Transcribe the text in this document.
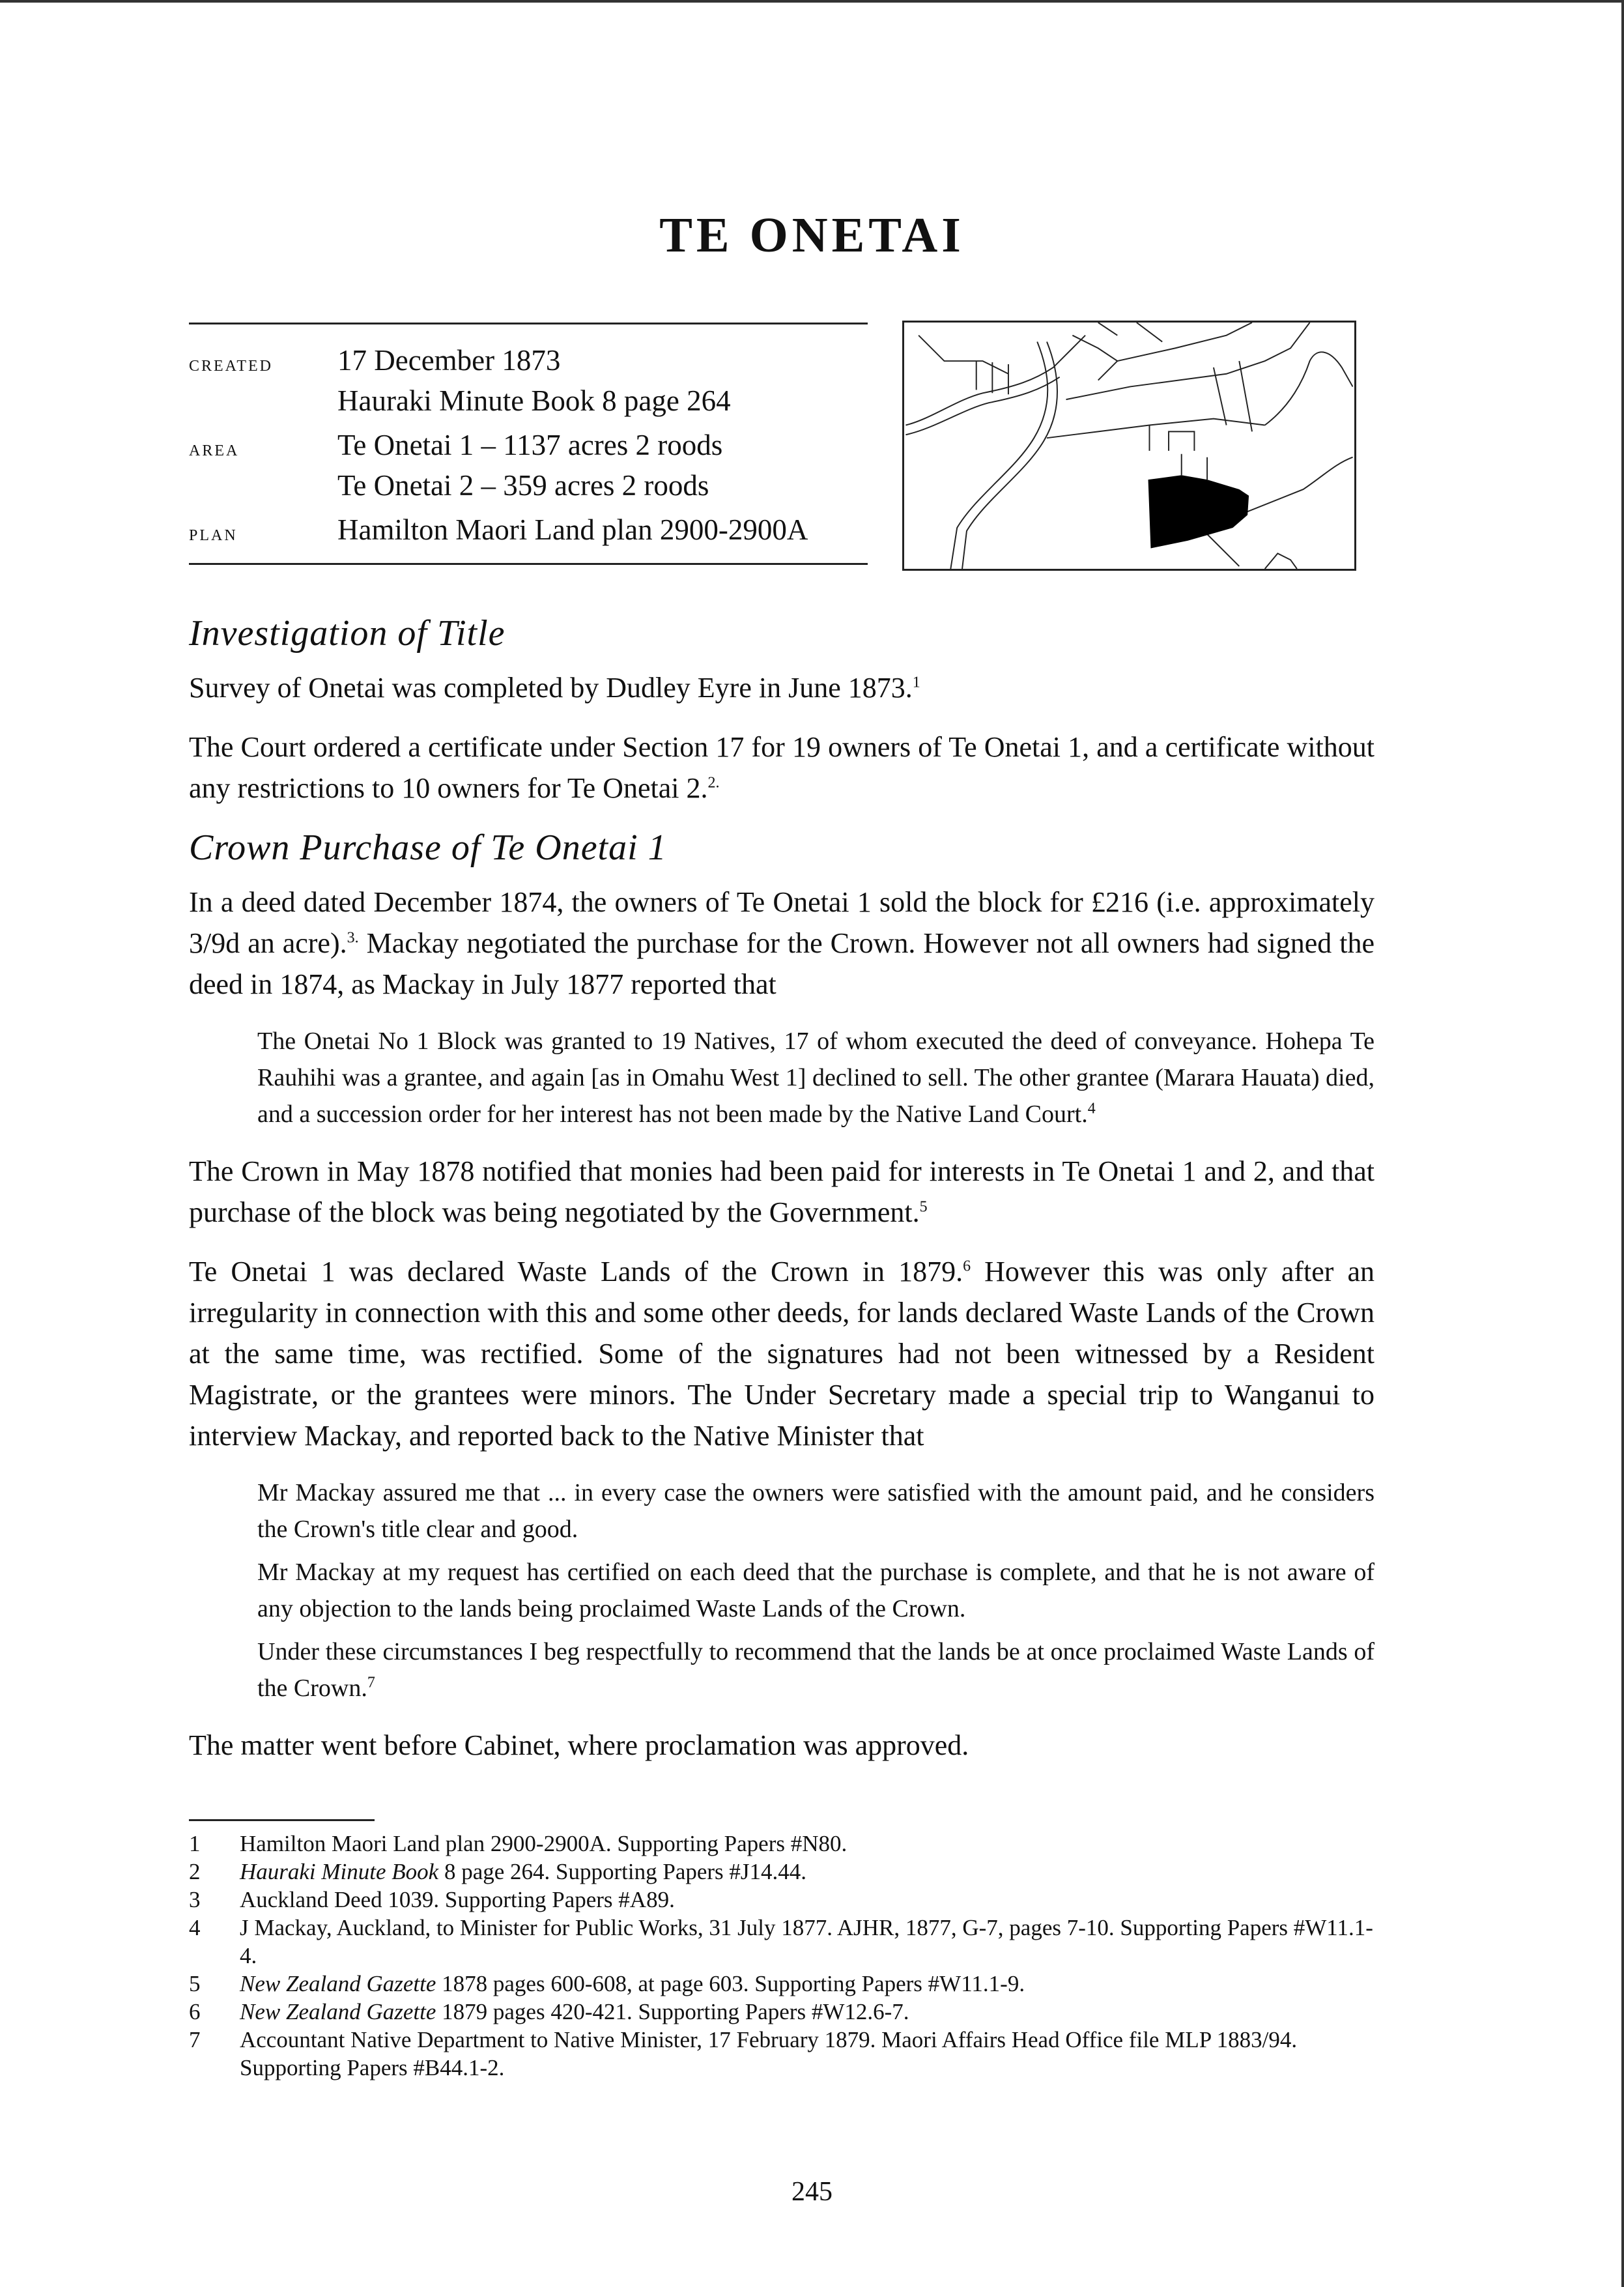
TE ONETAI
created	17 December 1873
Hauraki Minute Book 8 page 264
area	Te Onetai 1 – 1137 acres 2 roods
Te Onetai 2 – 359 acres 2 roods
plan	Hamilton Maori Land plan 2900-2900A
Investigation of Title

Survey of Onetai was completed by Dudley Eyre in June 1873.$^1$

The Court ordered a certificate under Section 17 for 19 owners of Te Onetai 1, and a certificate without any restrictions to 10 owners for Te Onetai 2.$^{2.}$

Crown Purchase of Te Onetai 1

In a deed dated December 1874, the owners of Te Onetai 1 sold the block for £216 (i.e. approximately 3/9d an acre).$^{3.}$ Mackay negotiated the purchase for the Crown. However not all owners had signed the deed in 1874, as Mackay in July 1877 reported that

The Onetai No 1 Block was granted to 19 Natives, 17 of whom executed the deed of conveyance. Hohepa Te Rauhihi was a grantee, and again [as in Omahu West 1] declined to sell. The other grantee (Marara Hauata) died, and a succession order for her interest has not been made by the Native Land Court.$^4$

The Crown in May 1878 notified that monies had been paid for interests in Te Onetai 1 and 2, and that purchase of the block was being negotiated by the Government.$^5$

Te Onetai 1 was declared Waste Lands of the Crown in 1879.$^6$ However this was only after an irregularity in connection with this and some other deeds, for lands declared Waste Lands of the Crown at the same time, was rectified. Some of the signatures had not been witnessed by a Resident Magistrate, or the grantees were minors. The Under Secretary made a special trip to Wanganui to interview Mackay, and reported back to the Native Minister that

Mr Mackay assured me that ... in every case the owners were satisfied with the amount paid, and he considers the Crown's title clear and good.

Mr Mackay at my request has certified on each deed that the purchase is complete, and that he is not aware of any objection to the lands being proclaimed Waste Lands of the Crown.

Under these circumstances I beg respectfully to recommend that the lands be at once proclaimed Waste Lands of the Crown.$^7$

The matter went before Cabinet, where proclamation was approved.

1	Hamilton Maori Land plan 2900-2900A. Supporting Papers #N80.
2	Hauraki Minute Book 8 page 264. Supporting Papers #J14.44.
3	Auckland Deed 1039. Supporting Papers #A89.
4	J Mackay, Auckland, to Minister for Public Works, 31 July 1877. AJHR, 1877, G-7, pages 7-10. Supporting Papers #W11.1-4.
5	New Zealand Gazette 1878 pages 600-608, at page 603. Supporting Papers #W11.1-9.
6	New Zealand Gazette 1879 pages 420-421. Supporting Papers #W12.6-7.
7	Accountant Native Department to Native Minister, 17 February 1879. Maori Affairs Head Office file MLP 1883/94. Supporting Papers #B44.1-2.
245
